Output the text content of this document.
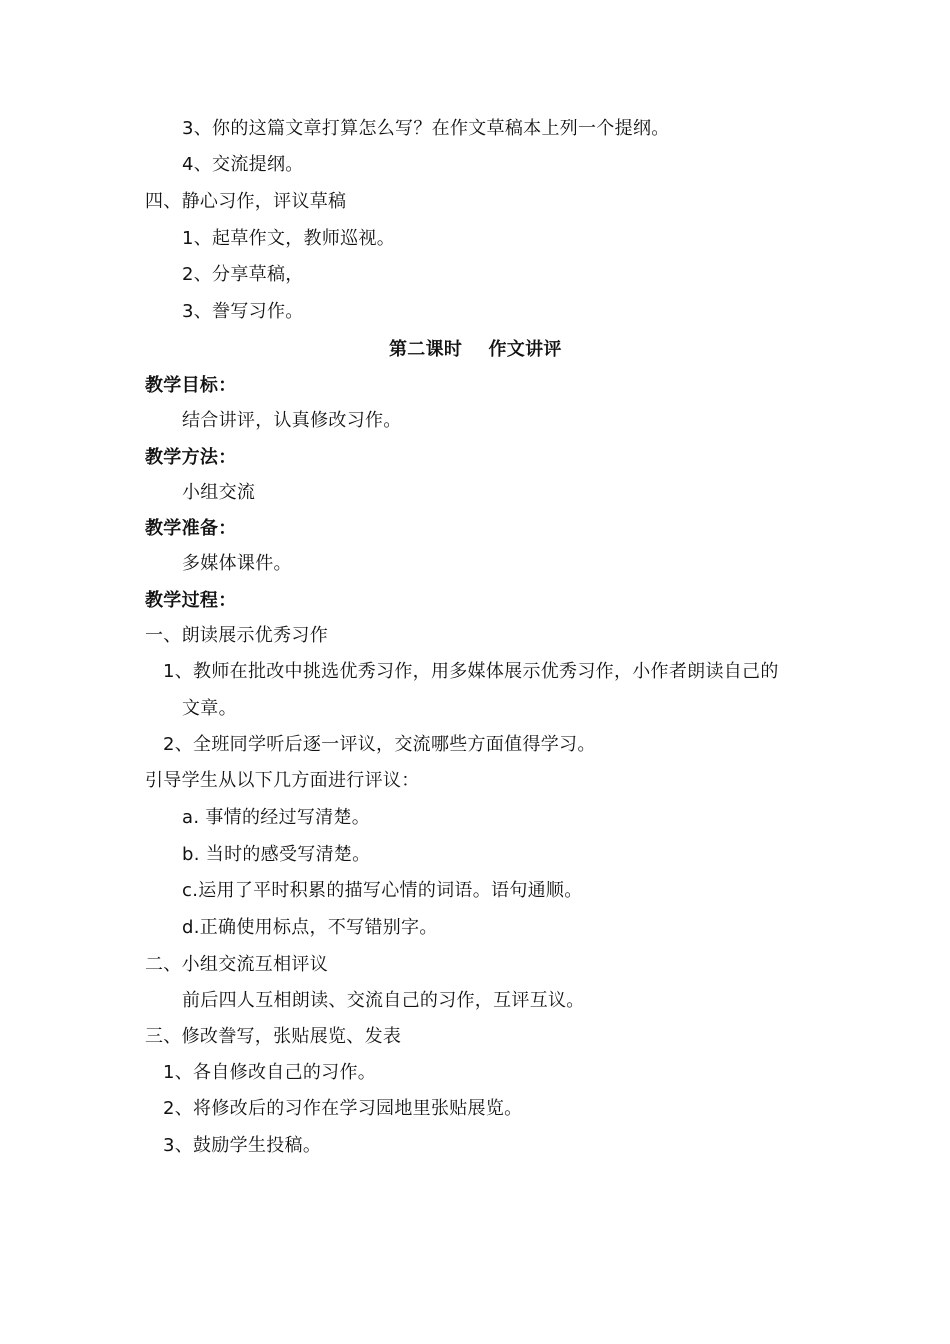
3、你的这篇文章打算怎么写？在作文草稿本上列一个提纲。
4、交流提纲。
四、静心习作，评议草稿
1、起草作文，教师巡视。
2、分享草稿，
3、誊写习作。
第二课时    作文讲评
教学目标：
结合讲评，认真修改习作。
教学方法：
小组交流
教学准备：
多媒体课件。
教学过程：
一、朗读展示优秀习作
1、教师在批改中挑选优秀习作，用多媒体展示优秀习作，小作者朗读自己的
文章。
2、全班同学听后逐一评议，交流哪些方面值得学习。
引导学生从以下几方面进行评议：
a. 事情的经过写清楚。
b. 当时的感受写清楚。
c.运用了平时积累的描写心情的词语。语句通顺。
d.正确使用标点，不写错别字。
二、小组交流互相评议
前后四人互相朗读、交流自己的习作，互评互议。
三、修改誊写，张贴展览、发表
1、各自修改自己的习作。
2、将修改后的习作在学习园地里张贴展览。
3、鼓励学生投稿。
